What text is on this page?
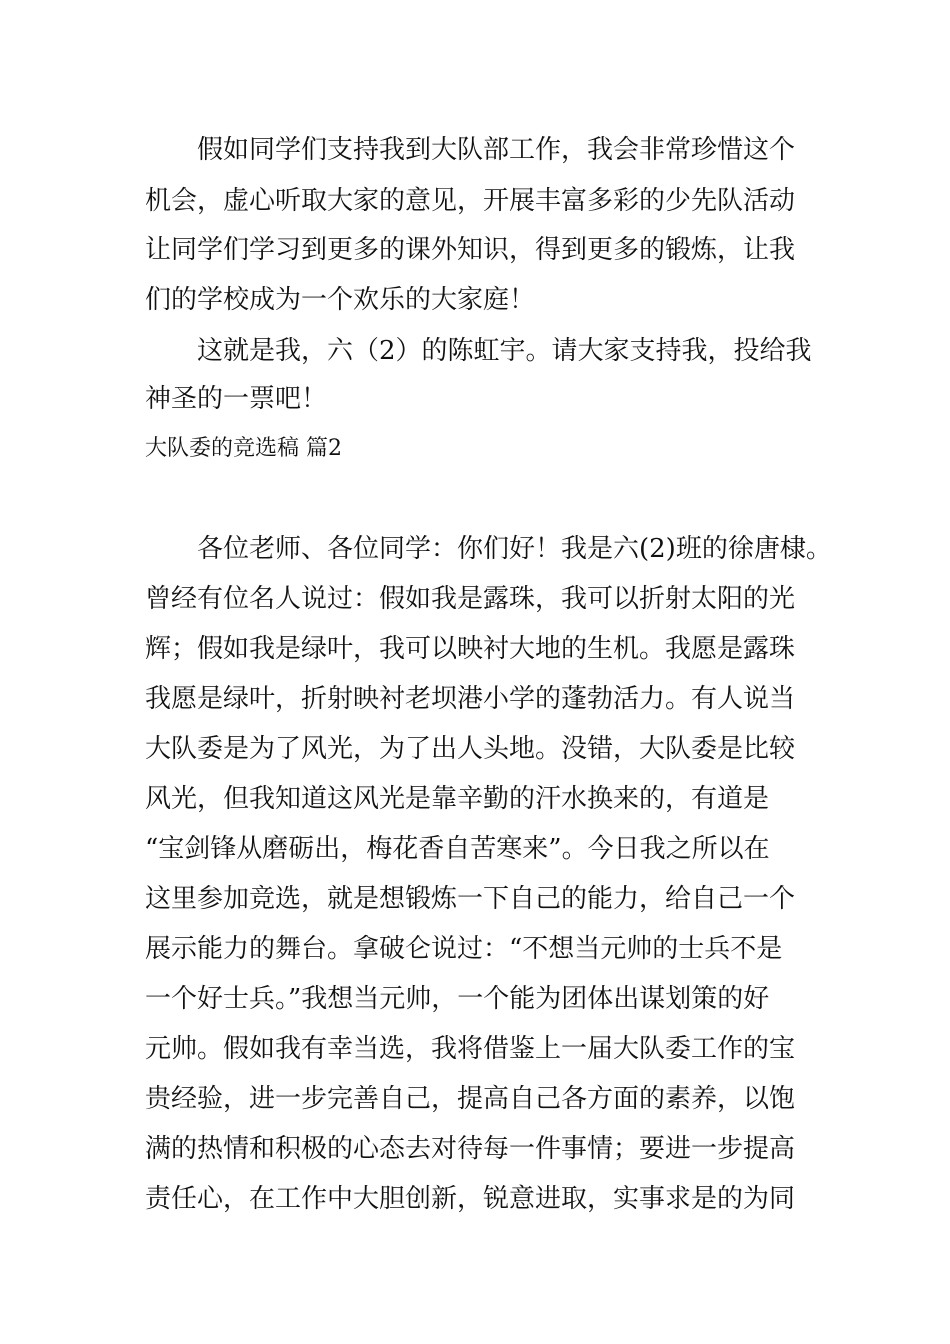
　　假如同学们支持我到大队部工作，我会非常珍惜这个
机会，虚心听取大家的意见，开展丰富多彩的少先队活动
让同学们学习到更多的课外知识，得到更多的锻炼，让我
们的学校成为一个欢乐的大家庭！
　　这就是我，六（2）的陈虹宇。请大家支持我，投给我
神圣的一票吧！
大队委的竞选稿 篇2
　　各位老师、各位同学：你们好！我是六(2)班的徐唐棣。
曾经有位名人说过：假如我是露珠，我可以折射太阳的光
辉；假如我是绿叶，我可以映衬大地的生机。我愿是露珠
我愿是绿叶，折射映衬老坝港小学的蓬勃活力。有人说当
大队委是为了风光，为了出人头地。没错，大队委是比较
风光，但我知道这风光是靠辛勤的汗水换来的，有道是
“宝剑锋从磨砺出，梅花香自苦寒来”。今日我之所以在
这里参加竞选，就是想锻炼一下自己的能力，给自己一个
展示能力的舞台。拿破仑说过：“不想当元帅的士兵不是
一个好士兵。”我想当元帅，一个能为团体出谋划策的好
元帅。假如我有幸当选，我将借鉴上一届大队委工作的宝
贵经验，进一步完善自己，提高自己各方面的素养，以饱
满的热情和积极的心态去对待每一件事情；要进一步提高
责任心，在工作中大胆创新，锐意进取，实事求是的为同
